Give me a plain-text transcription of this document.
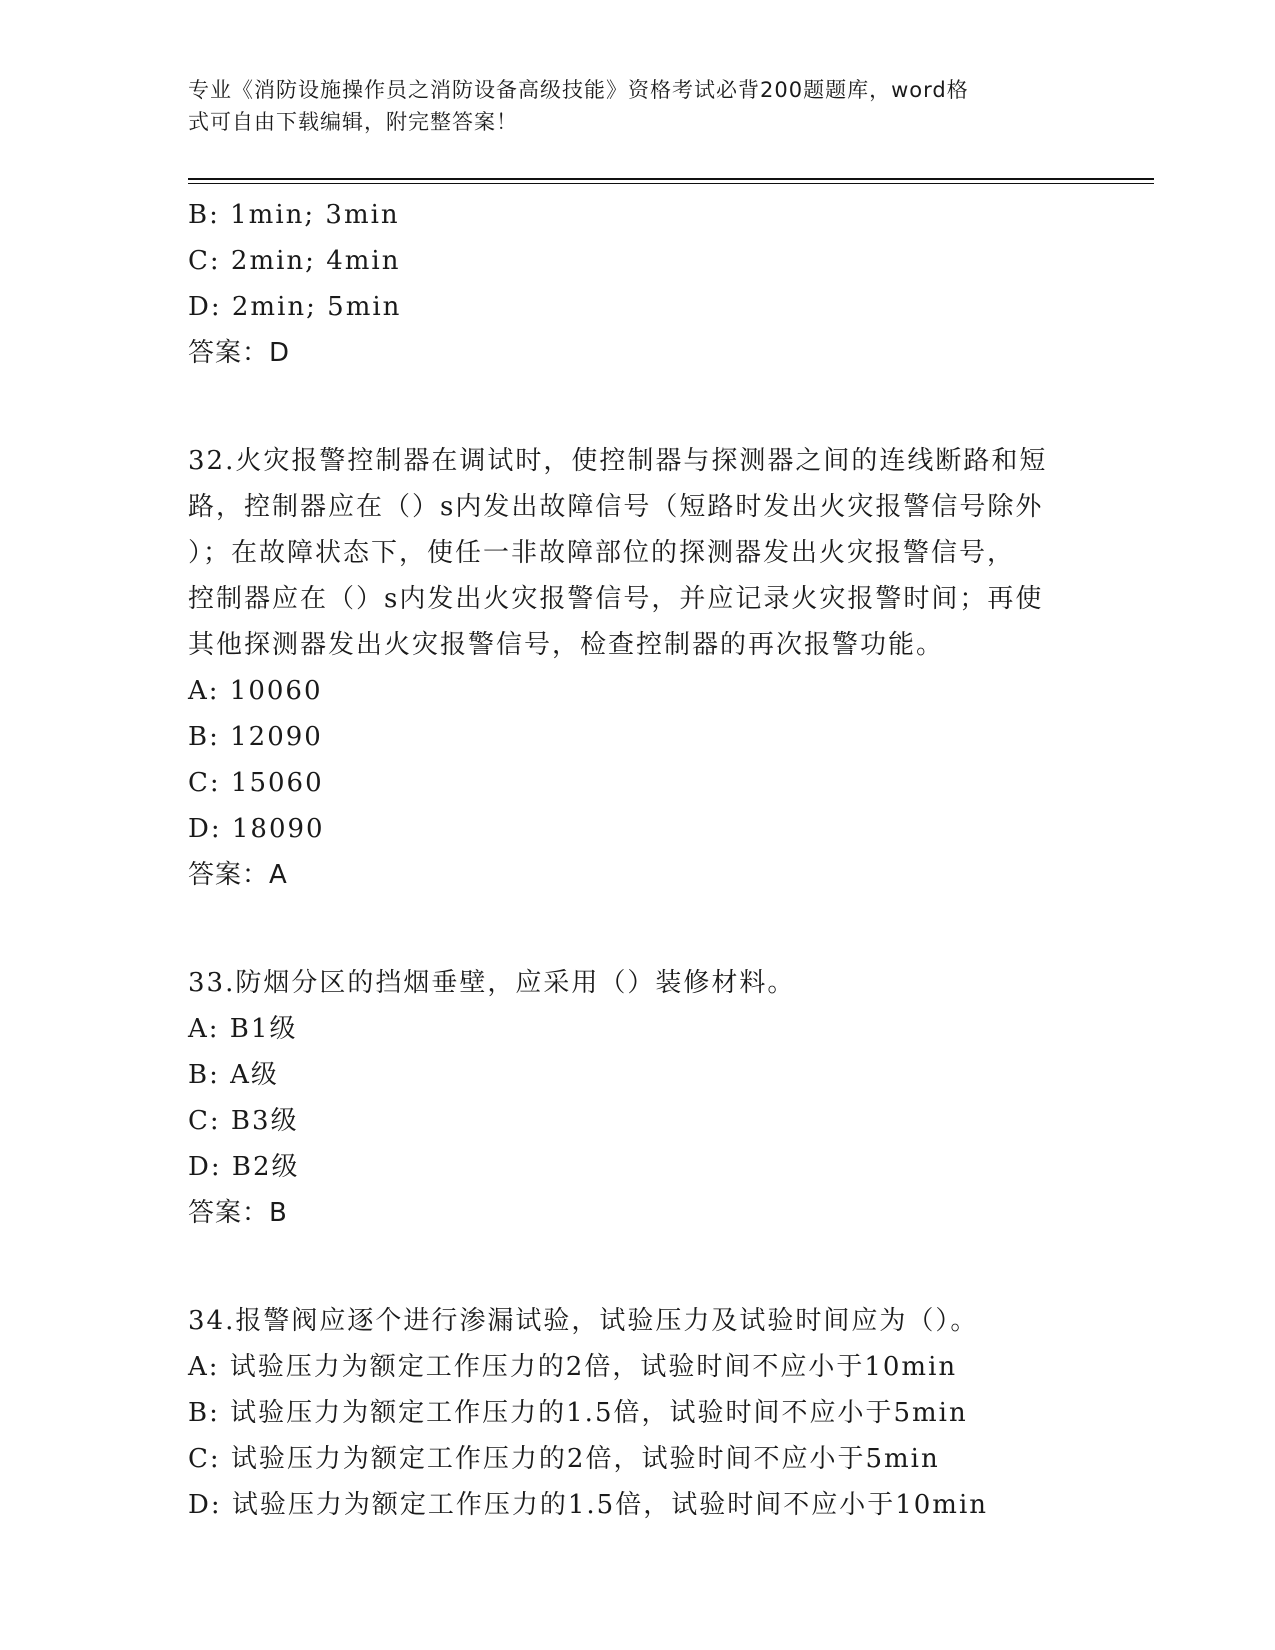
专业《消防设施操作员之消防设备高级技能》资格考试必背200题题库，word格
式可自由下载编辑，附完整答案！
B: 1min; 3min
C: 2min; 4min
D: 2min; 5min
答案：D
32.火灾报警控制器在调试时，使控制器与探测器之间的连线断路和短
路，控制器应在（）s内发出故障信号（短路时发出火灾报警信号除外
）；在故障状态下，使任一非故障部位的探测器发出火灾报警信号，
控制器应在（）s内发出火灾报警信号，并应记录火灾报警时间；再使
其他探测器发出火灾报警信号，检查控制器的再次报警功能。
A: 10060
B: 12090
C: 15060
D: 18090
答案：A
33.防烟分区的挡烟垂壁，应采用（）装修材料。
A: B1级
B: A级
C: B3级
D: B2级
答案：B
34.报警阀应逐个进行渗漏试验，试验压力及试验时间应为（）。
A: 试验压力为额定工作压力的2倍，试验时间不应小于10min
B: 试验压力为额定工作压力的1.5倍，试验时间不应小于5min
C: 试验压力为额定工作压力的2倍，试验时间不应小于5min
D: 试验压力为额定工作压力的1.5倍，试验时间不应小于10min
